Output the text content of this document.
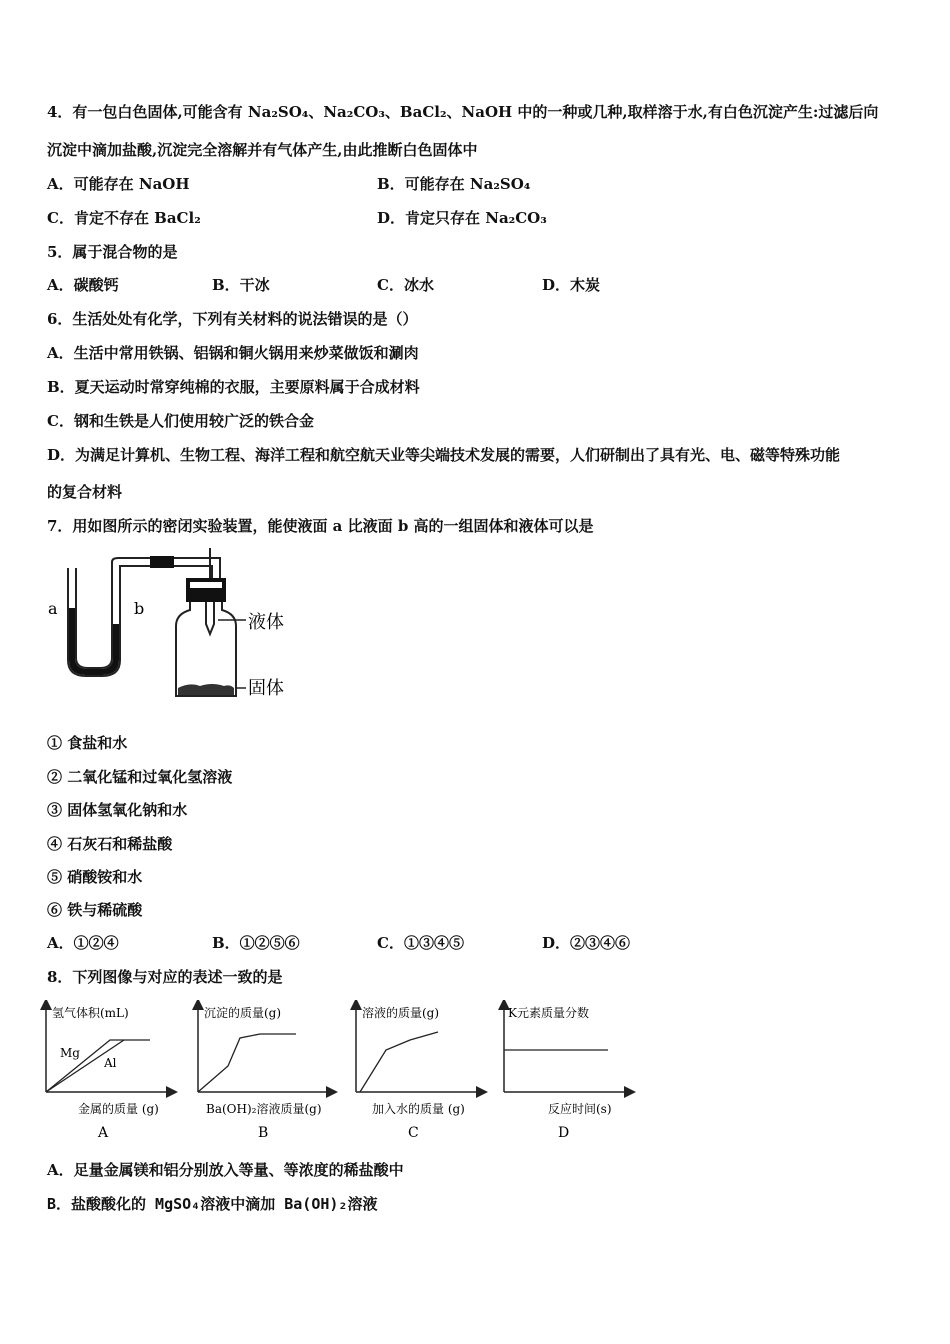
4．有一包白色固体,可能含有 Na₂SO₄、Na₂CO₃、BaCl₂、NaOH 中的一种或几种,取样溶于水,有白色沉淀产生:过滤后向
沉淀中滴加盐酸,沉淀完全溶解并有气体产生,由此推断白色固体中
A．可能存在 NaOH	B．可能存在 Na₂SO₄
C．肯定不存在 BaCl₂	D．肯定只存在 Na₂CO₃
5．属于混合物的是
A．碳酸钙	B．干冰	C．冰水	D．木炭
6．生活处处有化学，下列有关材料的说法错误的是（）
A．生活中常用铁锅、铝锅和铜火锅用来炒菜做饭和涮肉
B．夏天运动时常穿纯棉的衣服，主要原料属于合成材料
C．钢和生铁是人们使用较广泛的铁合金
D．为满足计算机、生物工程、海洋工程和航空航天业等尖端技术发展的需要，人们研制出了具有光、电、磁等特殊功能
的复合材料
7．用如图所示的密闭实验装置，能使液面 a 比液面 b 高的一组固体和液体可以是
a	b
液体
固体
① 食盐和水
② 二氧化锰和过氧化氢溶液
③ 固体氢氧化钠和水
④ 石灰石和稀盐酸
⑤ 硝酸铵和水
⑥ 铁与稀硫酸
A．①②④	B．①②⑤⑥	C．①③④⑤	D．②③④⑥
8．下列图像与对应的表述一致的是
氢气体积(mL)
Mg
Al
金属的质量 (g)
A
沉淀的质量(g)
Ba(OH)₂溶液质量(g)
B
溶液的质量(g)
加入水的质量 (g)
C
K元素质量分数
反应时间(s)
D
A．足量金属镁和铝分别放入等量、等浓度的稀盐酸中
B．盐酸酸化的 MgSO₄溶液中滴加 Ba(OH)₂溶液
